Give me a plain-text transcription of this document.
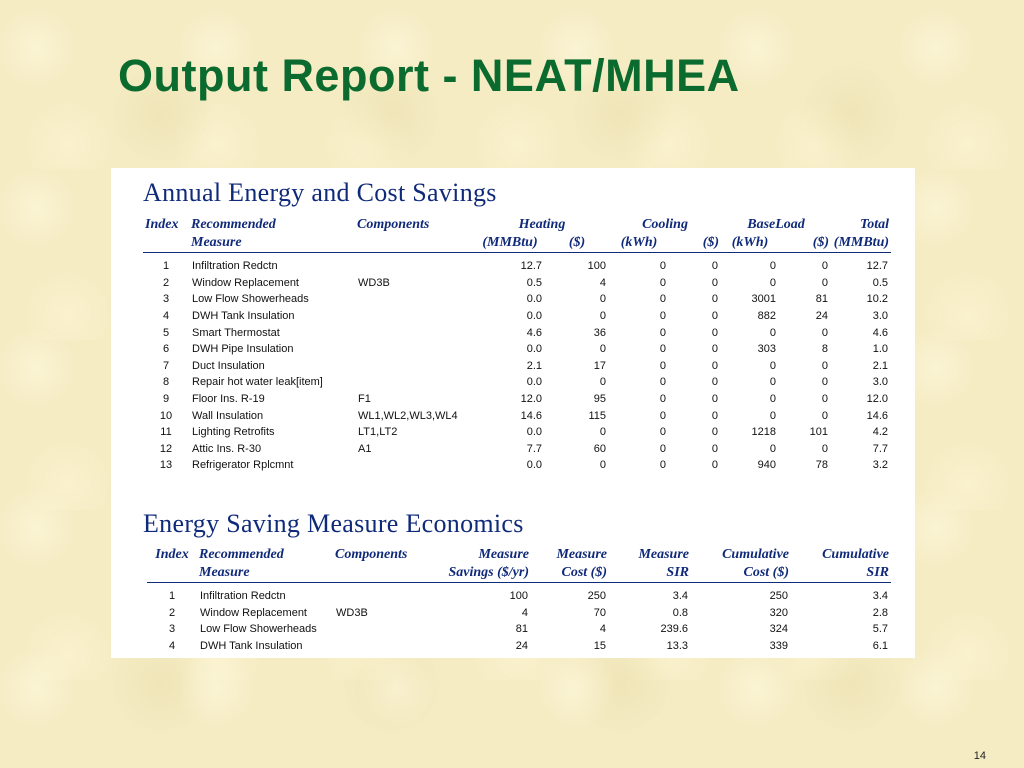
Output Report - NEAT/MHEA
Annual Energy and Cost Savings
Index	Recommended	Components	Heating		Cooling		BaseLoad		Total
	Measure		(MMBtu)	($)	(kWh)	($)	(kWh)	($)	(MMBtu)
1	Infiltration Redctn		12.7	100	0	0	0	0	12.7
2	Window Replacement	WD3B	0.5	4	0	0	0	0	0.5
3	Low Flow Showerheads		0.0	0	0	0	3001	81	10.2
4	DWH Tank Insulation		0.0	0	0	0	882	24	3.0
5	Smart Thermostat		4.6	36	0	0	0	0	4.6
6	DWH Pipe Insulation		0.0	0	0	0	303	8	1.0
7	Duct Insulation		2.1	17	0	0	0	0	2.1
8	Repair hot water leak[item]		0.0	0	0	0	0	0	3.0
9	Floor Ins. R-19	F1	12.0	95	0	0	0	0	12.0
10	Wall Insulation	WL1,WL2,WL3,WL4	14.6	115	0	0	0	0	14.6
11	Lighting Retrofits	LT1,LT2	0.0	0	0	0	1218	101	4.2
12	Attic Ins. R-30	A1	7.7	60	0	0	0	0	7.7
13	Refrigerator Rplcmnt		0.0	0	0	0	940	78	3.2
Energy Saving Measure Economics
Index	Recommended	Components	Measure	Measure	Measure	Cumulative	Cumulative
	Measure		Savings ($/yr)	Cost ($)	SIR	Cost ($)	SIR
1	Infiltration Redctn		100	250	3.4	250	3.4
2	Window Replacement	WD3B	4	70	0.8	320	2.8
3	Low Flow Showerheads		81	4	239.6	324	5.7
4	DWH Tank Insulation		24	15	13.3	339	6.1
14
